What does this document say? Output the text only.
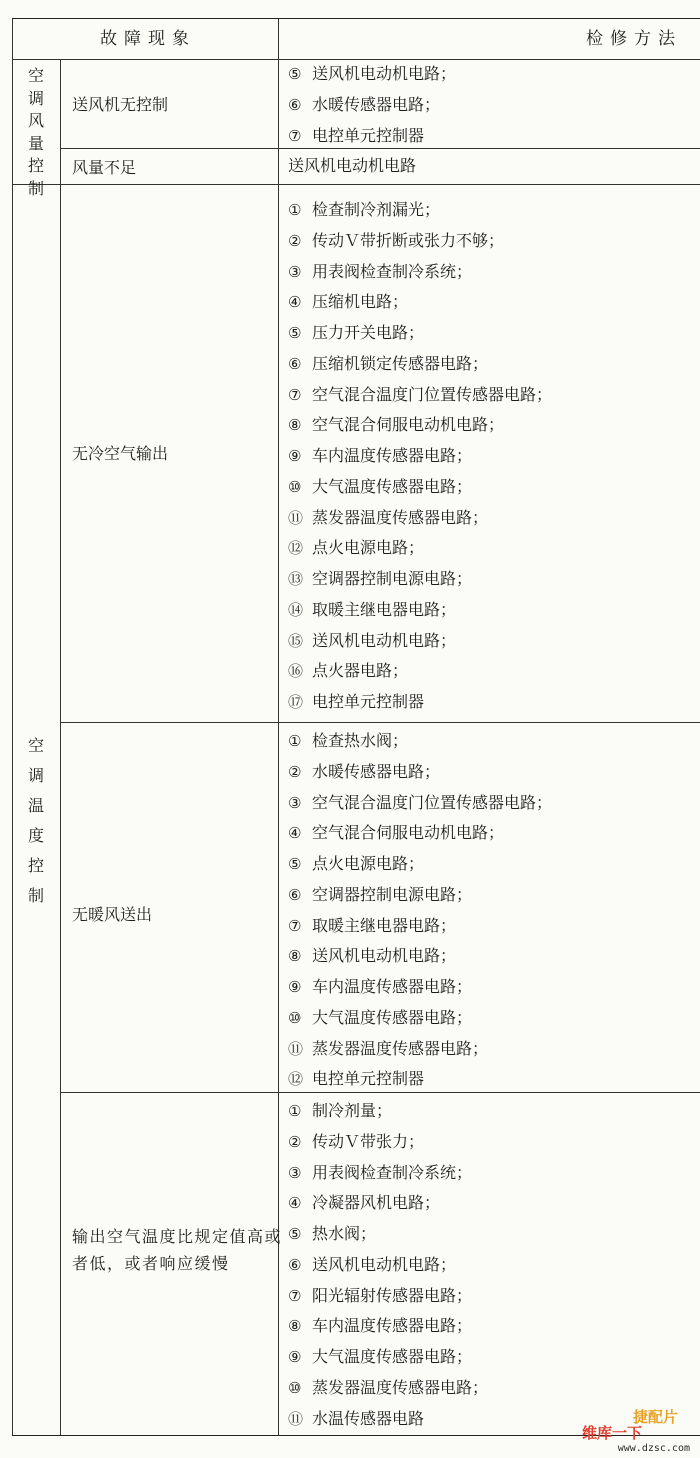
故障现象	检修方法
空调风量控制
空调温度控制
送风机无控制
风量不足
无冷空气输出
无暖风送出
输出空气温度比规定值高或者低，或者响应缓慢
⑤ 送风机电动机电路；
⑥ 水暖传感器电路；
⑦ 电控单元控制器
送风机电动机电路
① 检查制冷剂漏光；
② 传动Ｖ带折断或张力不够；
③ 用表阀检查制冷系统；
④ 压缩机电路；
⑤ 压力开关电路；
⑥ 压缩机锁定传感器电路；
⑦ 空气混合温度门位置传感器电路；
⑧ 空气混合伺服电动机电路；
⑨ 车内温度传感器电路；
⑩ 大气温度传感器电路；
⑪ 蒸发器温度传感器电路；
⑫ 点火电源电路；
⑬ 空调器控制电源电路；
⑭ 取暖主继电器电路；
⑮ 送风机电动机电路；
⑯ 点火器电路；
⑰ 电控单元控制器
① 检查热水阀；
② 水暖传感器电路；
③ 空气混合温度门位置传感器电路；
④ 空气混合伺服电动机电路；
⑤ 点火电源电路；
⑥ 空调器控制电源电路；
⑦ 取暖主继电器电路；
⑧ 送风机电动机电路；
⑨ 车内温度传感器电路；
⑩ 大气温度传感器电路；
⑪ 蒸发器温度传感器电路；
⑫ 电控单元控制器
① 制冷剂量；
② 传动Ｖ带张力；
③ 用表阀检查制冷系统；
④ 冷凝器风机电路；
⑤ 热水阀；
⑥ 送风机电动机电路；
⑦ 阳光辐射传感器电路；
⑧ 车内温度传感器电路；
⑨ 大气温度传感器电路；
⑩ 蒸发器温度传感器电路；
⑪ 水温传感器电路	捷配片
维库一下
www.dzsc.com
